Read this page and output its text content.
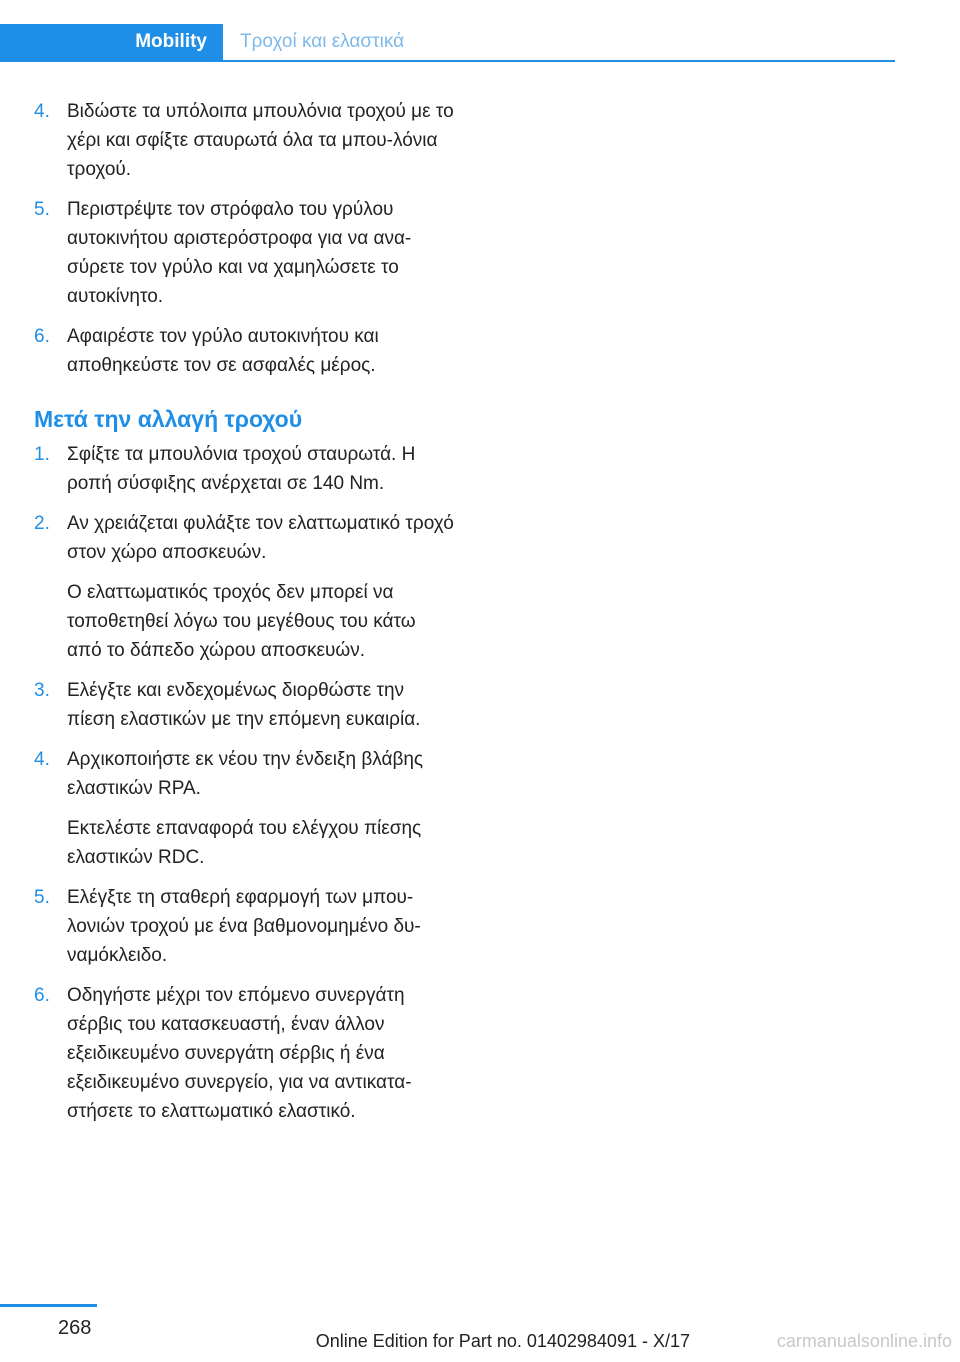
Mobility	Τροχοί και ελαστικά
4. Βιδώστε τα υπόλοιπα μπουλόνια τροχού με το χέρι και σφίξτε σταυρωτά όλα τα μπου-λόνια τροχού.
5. Περιστρέψτε τον στρόφαλο του γρύλου αυτοκινήτου αριστερόστροφα για να ανα-σύρετε τον γρύλο και να χαμηλώσετε το αυτοκίνητο.
6. Αφαιρέστε τον γρύλο αυτοκινήτου και αποθηκεύστε τον σε ασφαλές μέρος.
Μετά την αλλαγή τροχού
1. Σφίξτε τα μπουλόνια τροχού σταυρωτά. Η ροπή σύσφιξης ανέρχεται σε 140 Nm.
2. Αν χρειάζεται φυλάξτε τον ελαττωματικό τροχό στον χώρο αποσκευών.
Ο ελαττωματικός τροχός δεν μπορεί να τοποθετηθεί λόγω του μεγέθους του κάτω από το δάπεδο χώρου αποσκευών.
3. Ελέγξτε και ενδεχομένως διορθώστε την πίεση ελαστικών με την επόμενη ευκαιρία.
4. Αρχικοποιήστε εκ νέου την ένδειξη βλάβης ελαστικών RPA.
Εκτελέστε επαναφορά του ελέγχου πίεσης ελαστικών RDC.
5. Ελέγξτε τη σταθερή εφαρμογή των μπου-λονιών τροχού με ένα βαθμονομημένο δυ-ναμόκλειδο.
6. Οδηγήστε μέχρι τον επόμενο συνεργάτη σέρβις του κατασκευαστή, έναν άλλον εξειδικευμένο συνεργάτη σέρβις ή ένα εξειδικευμένο συνεργείο, για να αντικατα-στήσετε το ελαττωματικό ελαστικό.
268
Online Edition for Part no. 01402984091 - X/17	carmanualsonline.info
